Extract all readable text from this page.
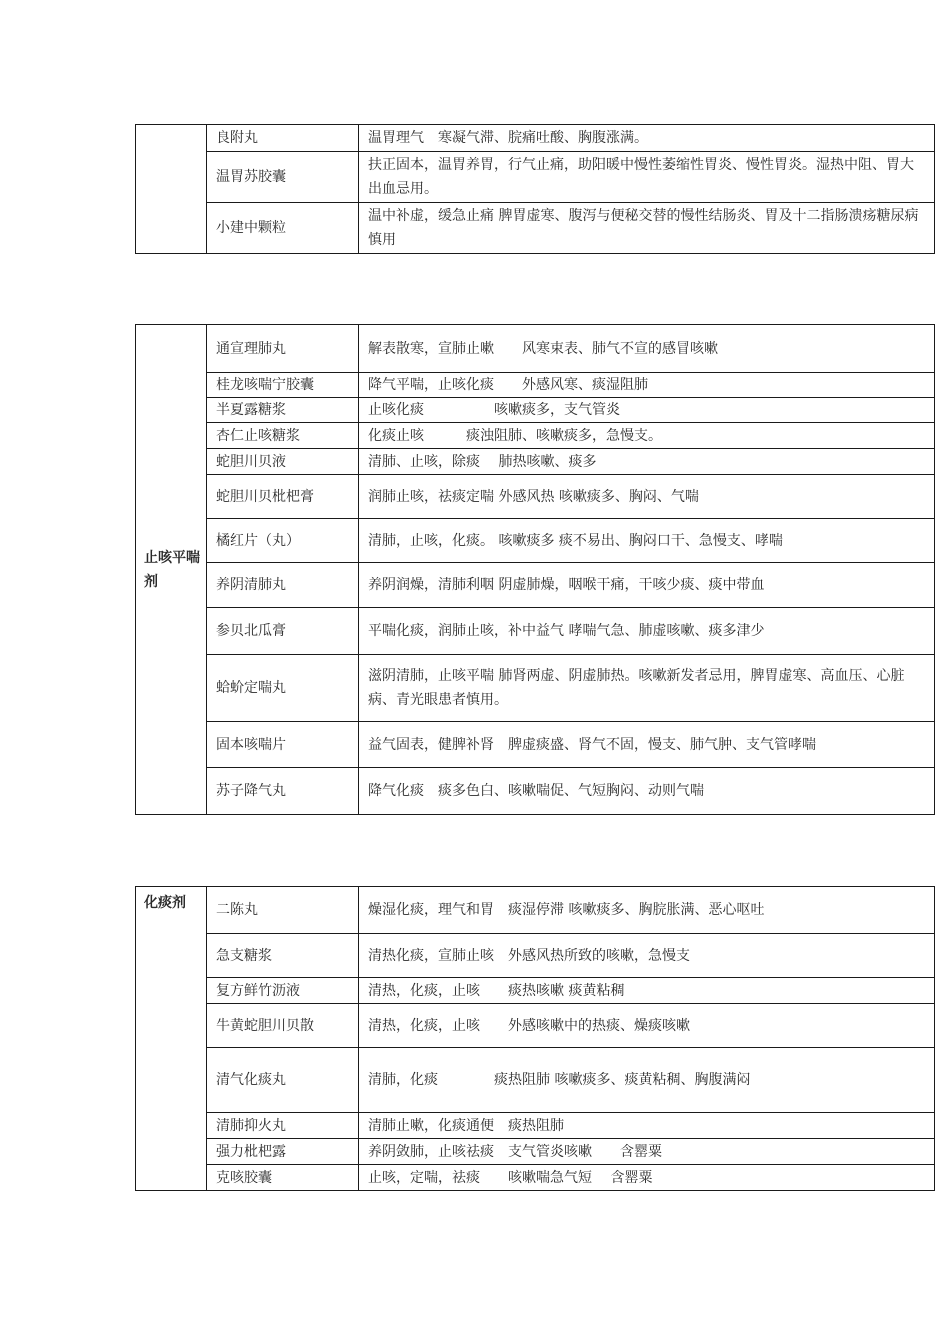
	良附丸	温胃理气　寒凝气滞、脘痛吐酸、胸腹涨满。
	温胃苏胶囊	扶正固本，温胃养胃，行气止痛，助阳暖中慢性萎缩性胃炎、慢性胃炎。湿热中阻、胃大出血忌用。
	小建中颗粒	温中补虚，缓急止痛 脾胃虚寒、腹泻与便秘交替的慢性结肠炎、胃及十二指肠溃疡糖尿病慎用
止咳平喘剂	通宣理肺丸	解表散寒，宣肺止嗽　　风寒束表、肺气不宣的感冒咳嗽
	桂龙咳喘宁胶囊	降气平喘，止咳化痰　　外感风寒、痰湿阻肺
	半夏露糖浆	止咳化痰　　　　　咳嗽痰多，支气管炎
	杏仁止咳糖浆	化痰止咳　　　痰浊阻肺、咳嗽痰多，急慢支。
	蛇胆川贝液	清肺、止咳，除痰　 肺热咳嗽、痰多
	蛇胆川贝枇杷膏	润肺止咳，祛痰定喘 外感风热 咳嗽痰多、胸闷、气喘
	橘红片（丸）	清肺，止咳，化痰。 咳嗽痰多 痰不易出、胸闷口干、急慢支、哮喘
	养阴清肺丸	养阴润燥，清肺利咽 阴虚肺燥，咽喉干痛，干咳少痰、痰中带血
	参贝北瓜膏	平喘化痰，润肺止咳，补中益气 哮喘气急、肺虚咳嗽、痰多津少
	蛤蚧定喘丸	滋阴清肺，止咳平喘 肺肾两虚、阴虚肺热。咳嗽新发者忌用，脾胃虚寒、高血压、心脏病、青光眼患者慎用。
	固本咳喘片	益气固表，健脾补肾　脾虚痰盛、肾气不固，慢支、肺气肿、支气管哮喘
	苏子降气丸	降气化痰　痰多色白、咳嗽喘促、气短胸闷、动则气喘
化痰剂	二陈丸	燥湿化痰，理气和胃　痰湿停滞 咳嗽痰多、胸脘胀满、恶心呕吐
	急支糖浆	清热化痰，宣肺止咳　外感风热所致的咳嗽，急慢支
	复方鲜竹沥液	清热，化痰，止咳　　痰热咳嗽 痰黄粘稠
	牛黄蛇胆川贝散	清热，化痰，止咳　　外感咳嗽中的热痰、燥痰咳嗽
	清气化痰丸	清肺，化痰　　　　痰热阻肺 咳嗽痰多、痰黄粘稠、胸腹满闷
	清肺抑火丸	清肺止嗽，化痰通便　痰热阻肺
	强力枇杷露	养阴敛肺，止咳祛痰　支气管炎咳嗽　　含罂粟
	克咳胶囊	止咳，定喘，祛痰　　咳嗽喘急气短　 含罂粟
